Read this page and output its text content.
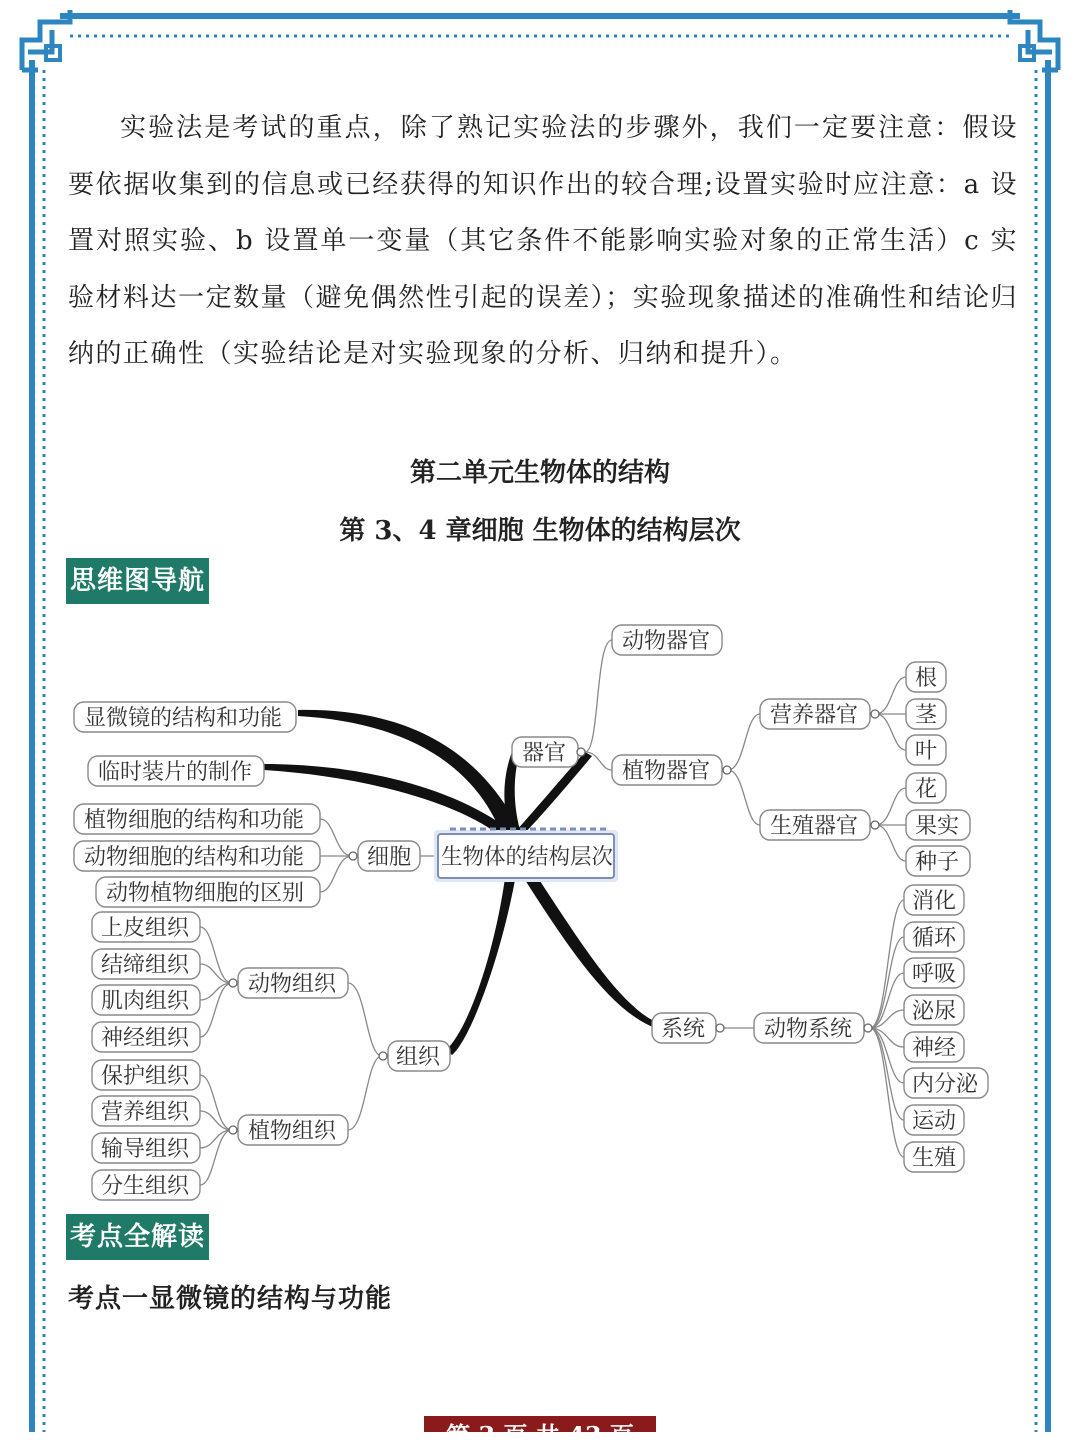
实验法是考试的重点，除了熟记实验法的步骤外，我们一定要注意：假设要依据收集到的信息或已经获得的知识作出的较合理;设置实验时应注意：a 设置对照实验、b 设置单一变量（其它条件不能影响实验对象的正常生活）c 实验材料达一定数量（避免偶然性引起的误差）；实验现象描述的准确性和结论归纳的正确性（实验结论是对实验现象的分析、归纳和提升）。

第二单元生物体的结构
第 3、4 章细胞 生物体的结构层次
思维图导航
生物体的结构层次
显微镜的结构和功能
临时装片的制作
植物细胞的结构和功能
动物细胞的结构和功能
动物植物细胞的区别
细胞
上皮组织
结缔组织
肌肉组织
神经组织
动物组织
保护组织
营养组织
输导组织
分生组织
植物组织
组织
器官
动物器官
植物器官
营养器官
生殖器官
根
茎
叶
花
果实
种子
系统	动物系统
消化
循环
呼吸
泌尿
神经
内分泌
运动
生殖
考点全解读
考点一显微镜的结构与功能
第 3 页 共 43 页
